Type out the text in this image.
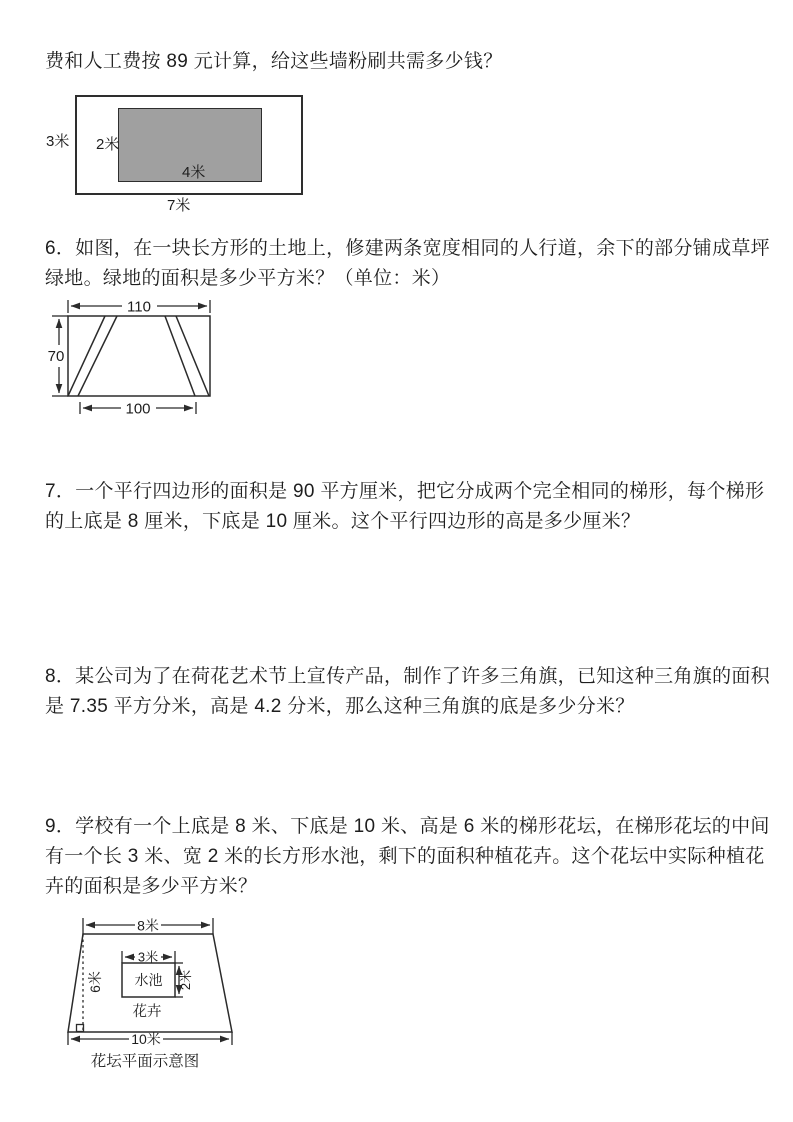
费和人工费按 89 元计算，给这些墙粉刷共需多少钱？
3米 2米
4米
7米
6．如图，在一块长方形的土地上，修建两条宽度相同的人行道，余下的部分铺成草坪
绿地。绿地的面积是多少平方米？（单位：米）
110
70
100
7．一个平行四边形的面积是 90 平方厘米，把它分成两个完全相同的梯形，每个梯形
的上底是 8 厘米，下底是 10 厘米。这个平行四边形的高是多少厘米？
8．某公司为了在荷花艺术节上宣传产品，制作了许多三角旗，已知这种三角旗的面积
是 7.35 平方分米，高是 4.2 分米，那么这种三角旗的底是多少分米？
9．学校有一个上底是 8 米、下底是 10 米、高是 6 米的梯形花坛，在梯形花坛的中间
有一个长 3 米、宽 2 米的长方形水池，剩下的面积种植花卉。这个花坛中实际种植花
卉的面积是多少平方米？
6米
8米
水池
3米
2米
花卉
10米
花坛平面示意图
